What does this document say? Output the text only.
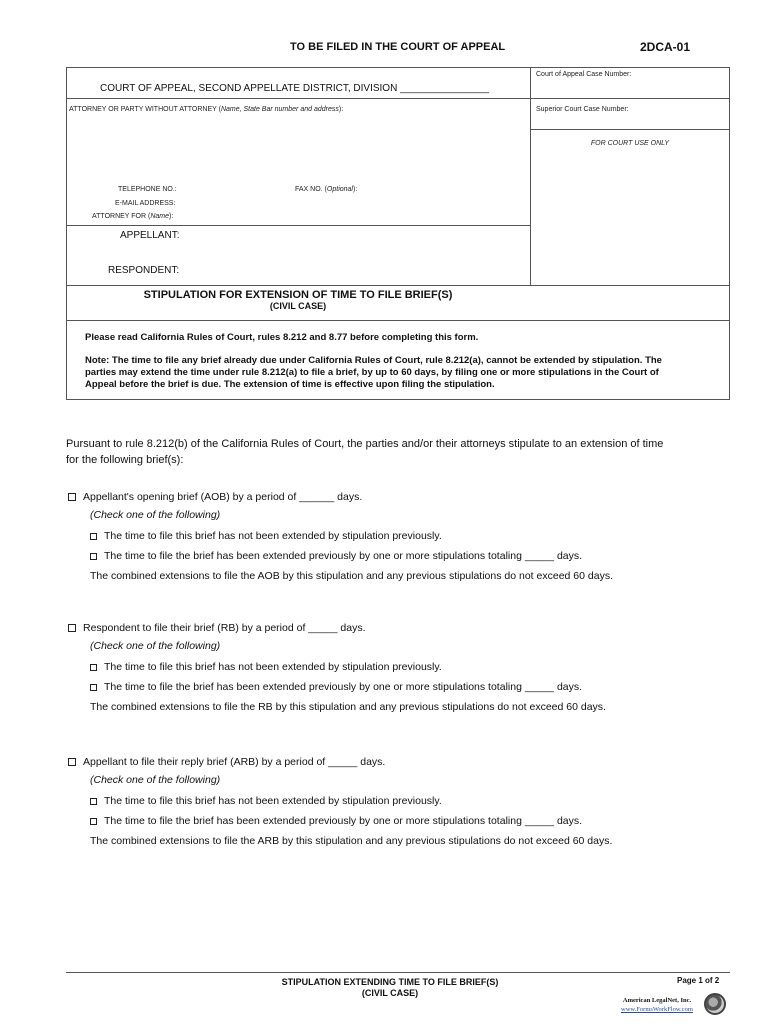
TO BE FILED IN THE COURT OF APPEAL	2DCA-01
COURT OF APPEAL, SECOND APPELLATE DISTRICT, DIVISION ________________
Court of Appeal Case Number:
Superior Court Case Number:
FOR COURT USE ONLY
ATTORNEY OR PARTY WITHOUT ATTORNEY (Name, State Bar number and address):
TELEPHONE NO.:	FAX NO. (Optional):
E-MAIL ADDRESS:
ATTORNEY FOR (Name):
APPELLANT:
RESPONDENT:
STIPULATION FOR EXTENSION OF TIME TO FILE BRIEF(S)
(CIVIL CASE)
Please read California Rules of Court, rules 8.212 and 8.77 before completing this form.
Note: The time to file any brief already due under California Rules of Court, rule 8.212(a), cannot be extended by stipulation. The parties may extend the time under rule 8.212(a) to file a brief, by up to 60 days, by filing one or more stipulations in the Court of Appeal before the brief is due. The extension of time is effective upon filing the stipulation.
Pursuant to rule 8.212(b) of the California Rules of Court, the parties and/or their attorneys stipulate to an extension of time for the following brief(s):
Appellant's opening brief (AOB) by a period of ______ days.
(Check one of the following)
The time to file this brief has not been extended by stipulation previously.
The time to file the brief has been extended previously by one or more stipulations totaling _____ days.
The combined extensions to file the AOB by this stipulation and any previous stipulations do not exceed 60 days.
Respondent to file their brief (RB) by a period of _____ days.
(Check one of the following)
The time to file this brief has not been extended by stipulation previously.
The time to file the brief has been extended previously by one or more stipulations totaling _____ days.
The combined extensions to file the RB by this stipulation and any previous stipulations do not exceed 60 days.
Appellant to file their reply brief (ARB) by a period of _____ days.
(Check one of the following)
The time to file this brief has not been extended by stipulation previously.
The time to file the brief has been extended previously by one or more stipulations totaling _____ days.
The combined extensions to file the ARB by this stipulation and any previous stipulations do not exceed 60 days.
STIPULATION EXTENDING TIME TO FILE BRIEF(S)
(CIVIL CASE)
Page 1 of 2
American LegalNet, Inc.
www.FormsWorkFlow.com
